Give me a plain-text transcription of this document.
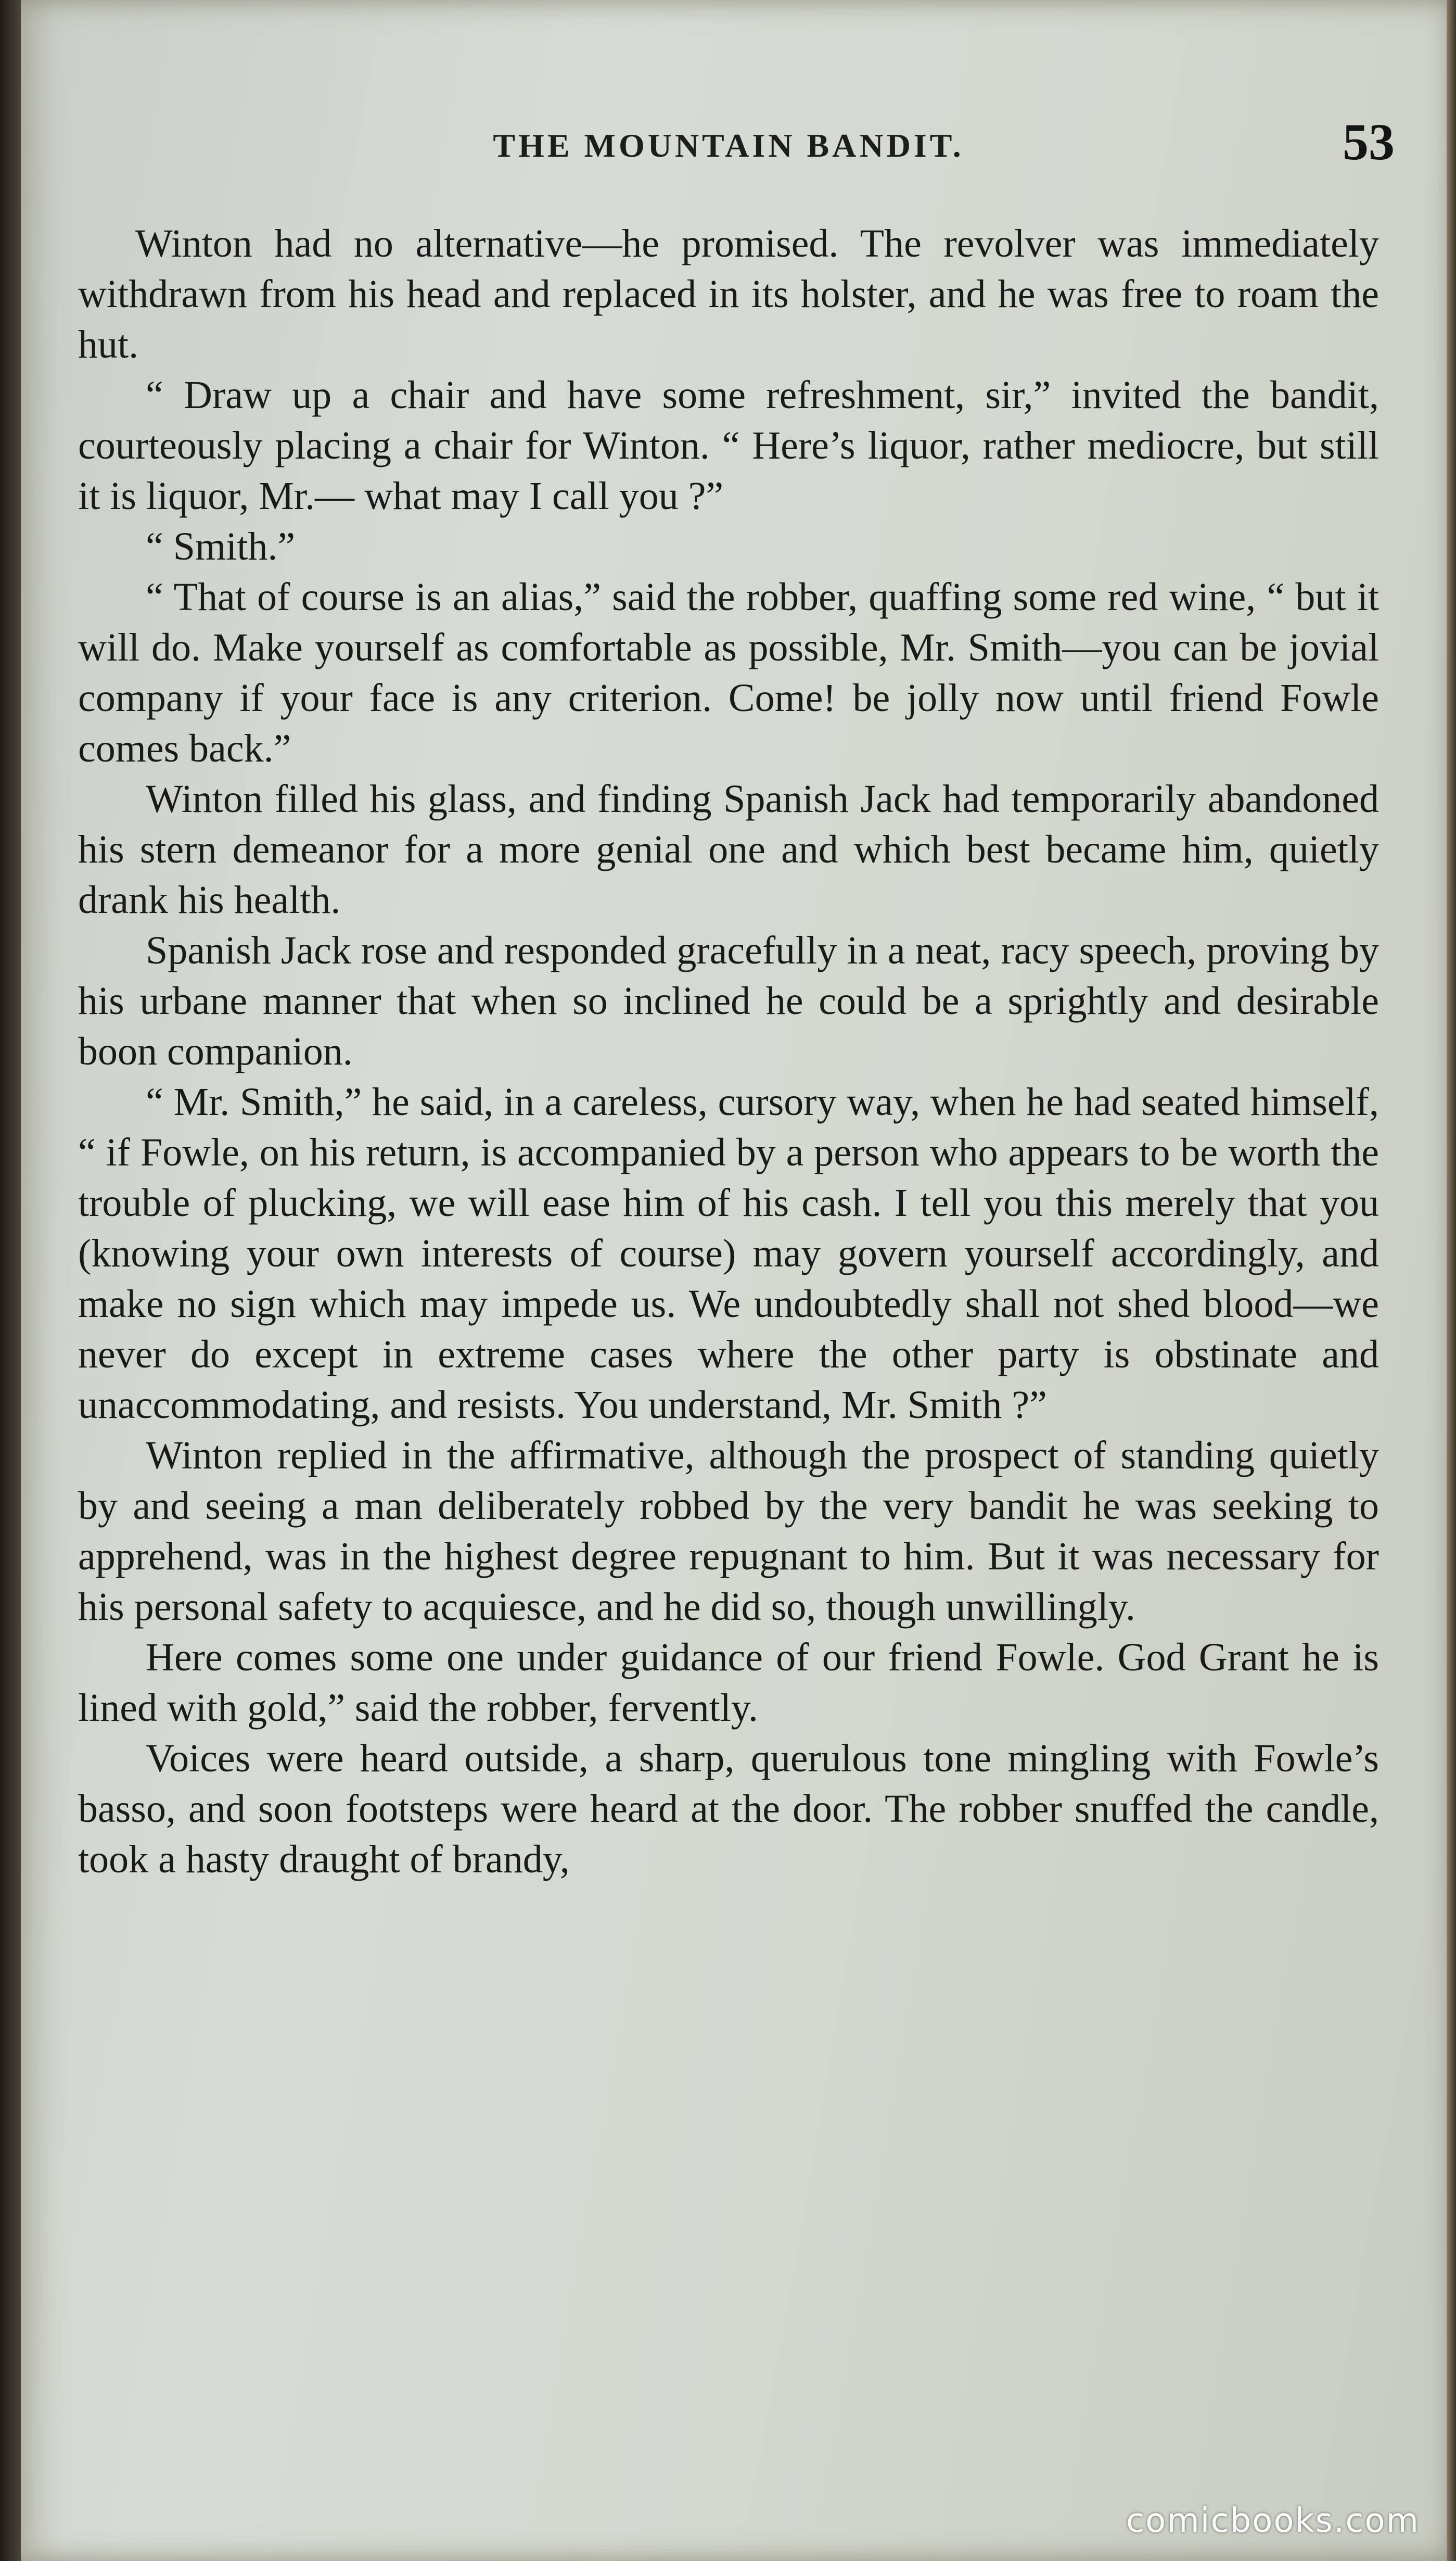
THE MOUNTAIN BANDIT.	53

Winton had no alternative—he promised. The revolver was immediately withdrawn from his head and replaced in its holster, and he was free to roam the hut.

“ Draw up a chair and have some refreshment, sir,” invited the bandit, courteously placing a chair for Winton. “ Here’s liquor, rather mediocre, but still it is liquor, Mr.— what may I call you ?”

“ Smith.”

“ That of course is an alias,” said the robber, quaffing some red wine, “ but it will do. Make yourself as comfortable as possible, Mr. Smith—you can be jovial company if your face is any criterion. Come! be jolly now until friend Fowle comes back.”

Winton filled his glass, and finding Spanish Jack had temporarily abandoned his stern demeanor for a more genial one and which best became him, quietly drank his health.

Spanish Jack rose and responded gracefully in a neat, racy speech, proving by his urbane manner that when so inclined he could be a sprightly and desirable boon companion.

“ Mr. Smith,” he said, in a careless, cursory way, when he had seated himself, “ if Fowle, on his return, is accompanied by a person who appears to be worth the trouble of plucking, we will ease him of his cash. I tell you this merely that you (knowing your own interests of course) may govern yourself accordingly, and make no sign which may impede us. We undoubtedly shall not shed blood—we never do except in extreme cases where the other party is obstinate and unaccommodating, and resists. You understand, Mr. Smith ?”

Winton replied in the affirmative, although the prospect of standing quietly by and seeing a man deliberately robbed by the very bandit he was seeking to apprehend, was in the highest degree repugnant to him. But it was necessary for his personal safety to acquiesce, and he did so, though unwillingly.

Here comes some one under guidance of our friend Fowle. God Grant he is lined with gold,” said the robber, fervently.

Voices were heard outside, a sharp, querulous tone mingling with Fowle’s basso, and soon footsteps were heard at the door. The robber snuffed the candle, took a hasty draught of brandy,

comicbooks.com
